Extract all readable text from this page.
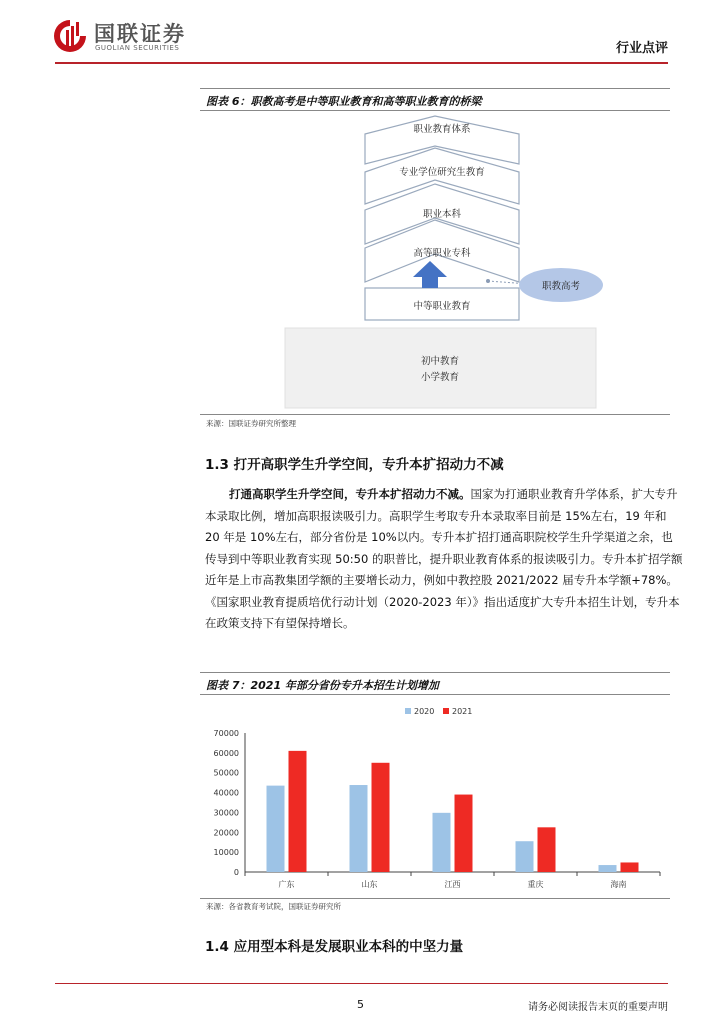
国联证券
GUOLIAN SECURITIES	行业点评
图表 6：职教高考是中等职业教育和高等职业教育的桥梁
职业教育体系
专业学位研究生教育
职业本科
高等职业专科
中等职业教育
职教高考
初中教育
小学教育
来源：国联证券研究所整理
1.3 打开高职学生升学空间，专升本扩招动力不减
打通高职学生升学空间，专升本扩招动力不减。国家为打通职业教育升学体系，扩大专升本录取比例，增加高职报读吸引力。高职学生考取专升本录取率目前是 15%左右，19 年和 20 年是 10%左右，部分省份是 10%以内。专升本扩招打通高职院校学生升学渠道之余，也传导到中等职业教育实现 50:50 的职普比，提升职业教育体系的报读吸引力。专升本扩招学额近年是上市高教集团学额的主要增长动力，例如中教控股 2021/2022 届专升本学额+78%。《国家职业教育提质培优行动计划（2020-2023 年）》指出适度扩大专升本招生计划，专升本在政策支持下有望保持增长。
图表 7：2021 年部分省份专升本招生计划增加
0
10000
20000
30000
40000
50000
60000
70000
广东	山东	江西	重庆	海南
2020 2021
来源：各省教育考试院，国联证券研究所
1.4 应用型本科是发展职业本科的中坚力量
5	请务必阅读报告末页的重要声明
